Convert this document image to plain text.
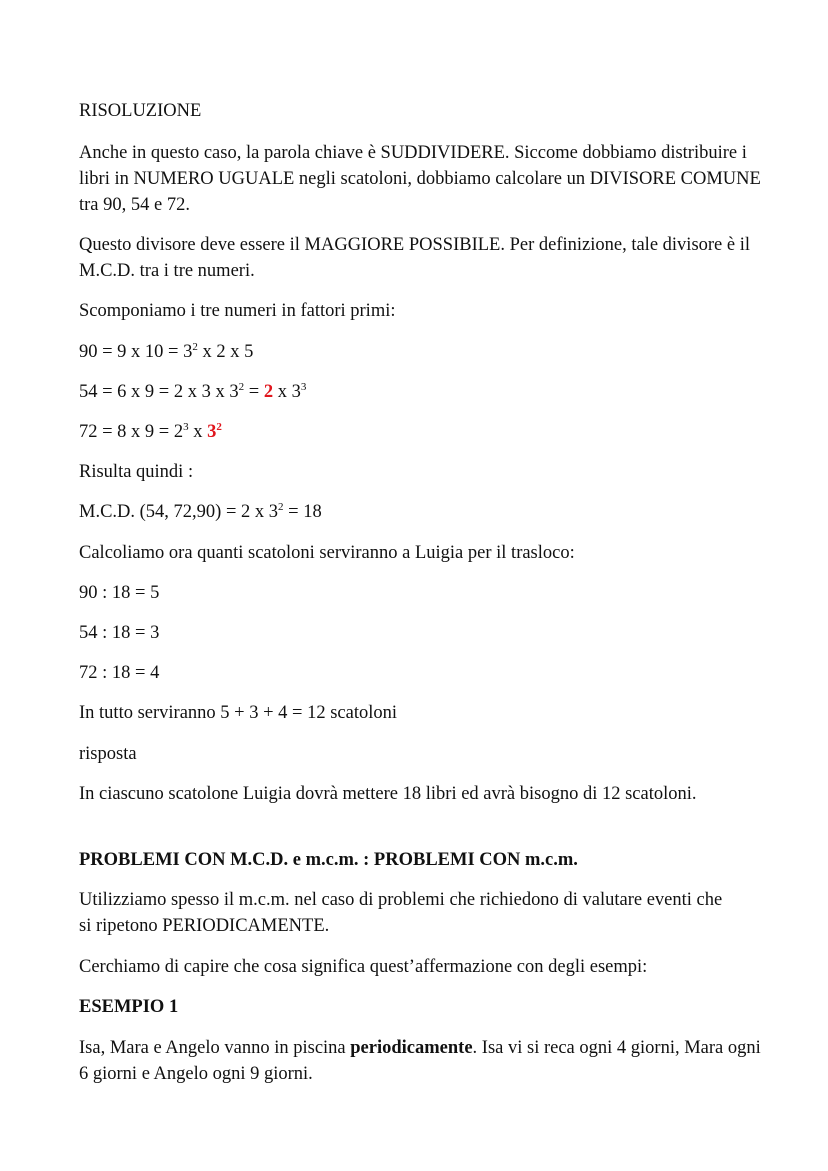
RISOLUZIONE

Anche in questo caso, la parola chiave è SUDDIVIDERE. Siccome dobbiamo distribuire i libri in NUMERO UGUALE negli scatoloni, dobbiamo calcolare un DIVISORE COMUNE tra 90, 54 e 72.

Questo divisore deve essere il MAGGIORE POSSIBILE. Per definizione, tale divisore è il M.C.D. tra i tre numeri.

Scomponiamo i tre numeri in fattori primi:

90 = 9 x $10 = 3^2$ x 2 x 5

54 = 6 x 9 = 2 x 3 x $3^2 = 2$ x $3^3$

72 = 8 x $9 = 2^3$ x $3^2$

Risulta quindi :

M.C.D. (54, 72,90) = 2 x $3^2 = 18$

Calcoliamo ora quanti scatoloni serviranno a Luigia per il trasloco:

90 : 18 = 5

54 : 18 = 3

72 : 18 = 4

In tutto serviranno 5 + 3 + 4 = 12 scatoloni

risposta

In ciascuno scatolone Luigia dovrà mettere 18 libri ed avrà bisogno di 12 scatoloni.

PROBLEMI CON M.C.D. e m.c.m. : PROBLEMI CON m.c.m.

Utilizziamo spesso il m.c.m. nel caso di problemi che richiedono di valutare eventi che si ripetono PERIODICAMENTE.

Cerchiamo di capire che cosa significa quest’affermazione con degli esempi:

ESEMPIO 1

Isa, Mara e Angelo vanno in piscina periodicamente. Isa vi si reca ogni 4 giorni, Mara ogni 6 giorni e Angelo ogni 9 giorni.
